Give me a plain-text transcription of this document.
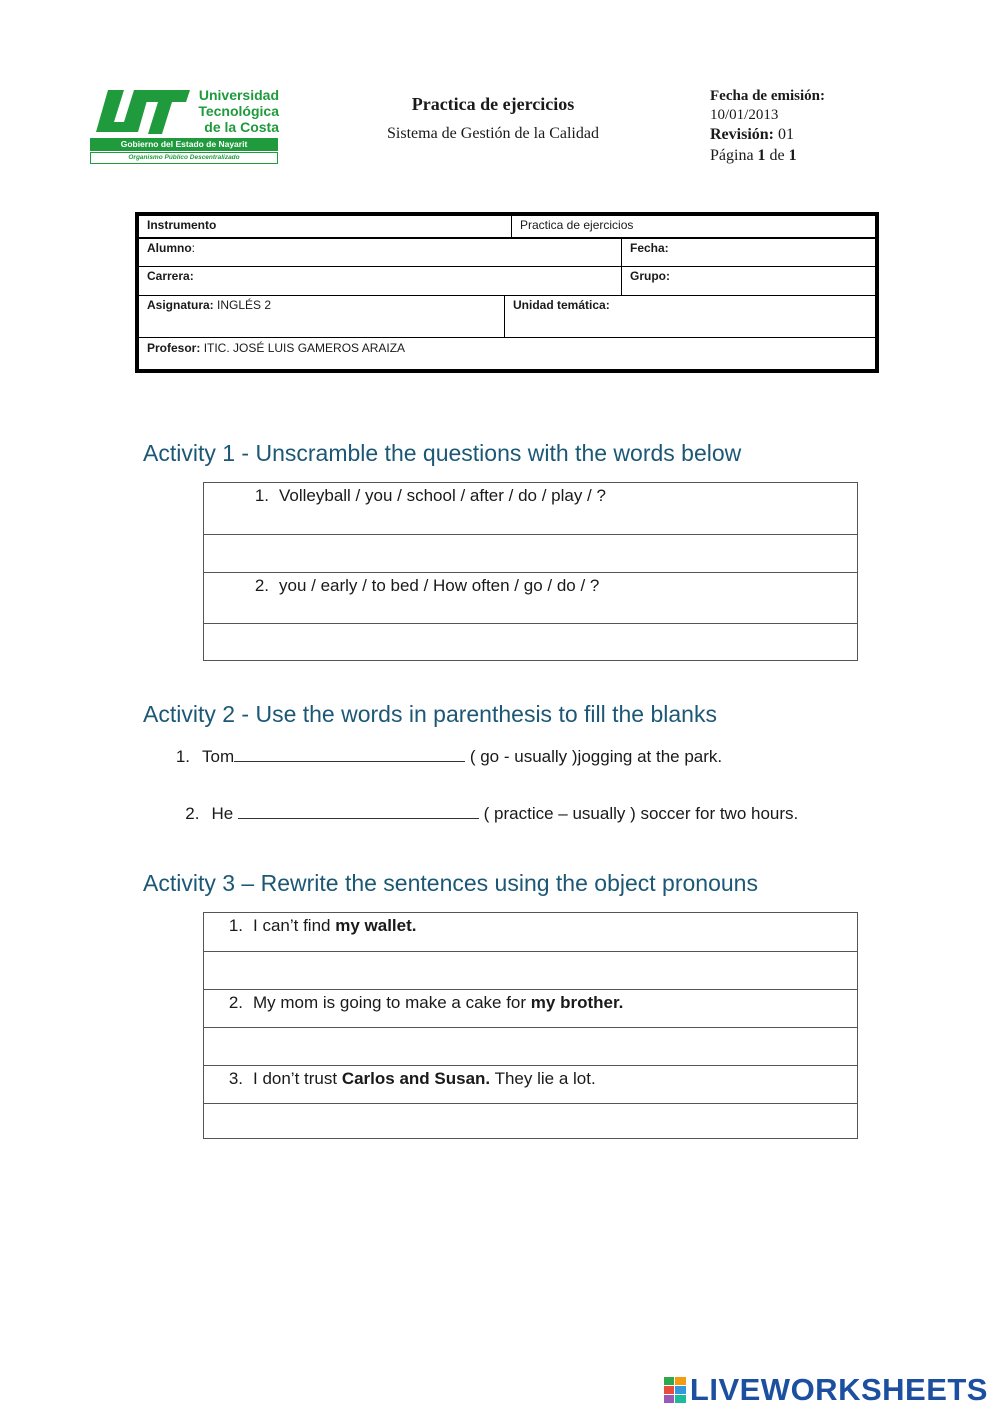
Universidad
Tecnológica
de la Costa
Gobierno del Estado de Nayarit
Organismo Público Descentralizado
Practica de ejercicios
Sistema de Gestión de la Calidad
Fecha de emisión:
10/01/2013
Revisión: 01
Página 1 de 1
Instrumento	Practica de ejercicios
Alumno:	Fecha:
Carrera:	Grupo:
Asignatura: INGLÉS 2	Unidad temática:
Profesor: ITIC. JOSÉ LUIS GAMEROS ARAIZA
Activity 1 - Unscramble the questions with the words below
1. Volleyball / you / school / after / do / play / ?
2. you / early / to bed / How often / go / do / ?
Activity 2 - Use the words in parenthesis to fill the blanks
1. Tom	( go - usually )jogging at the park.

2. He	( practice – usually ) soccer for two hours.

Activity 3 – Rewrite the sentences using the object pronouns
1. I can’t find my wallet.
2. My mom is going to make a cake for my brother.
3. I don’t trust Carlos and Susan. They lie a lot.
LIVEWORKSHEETS
